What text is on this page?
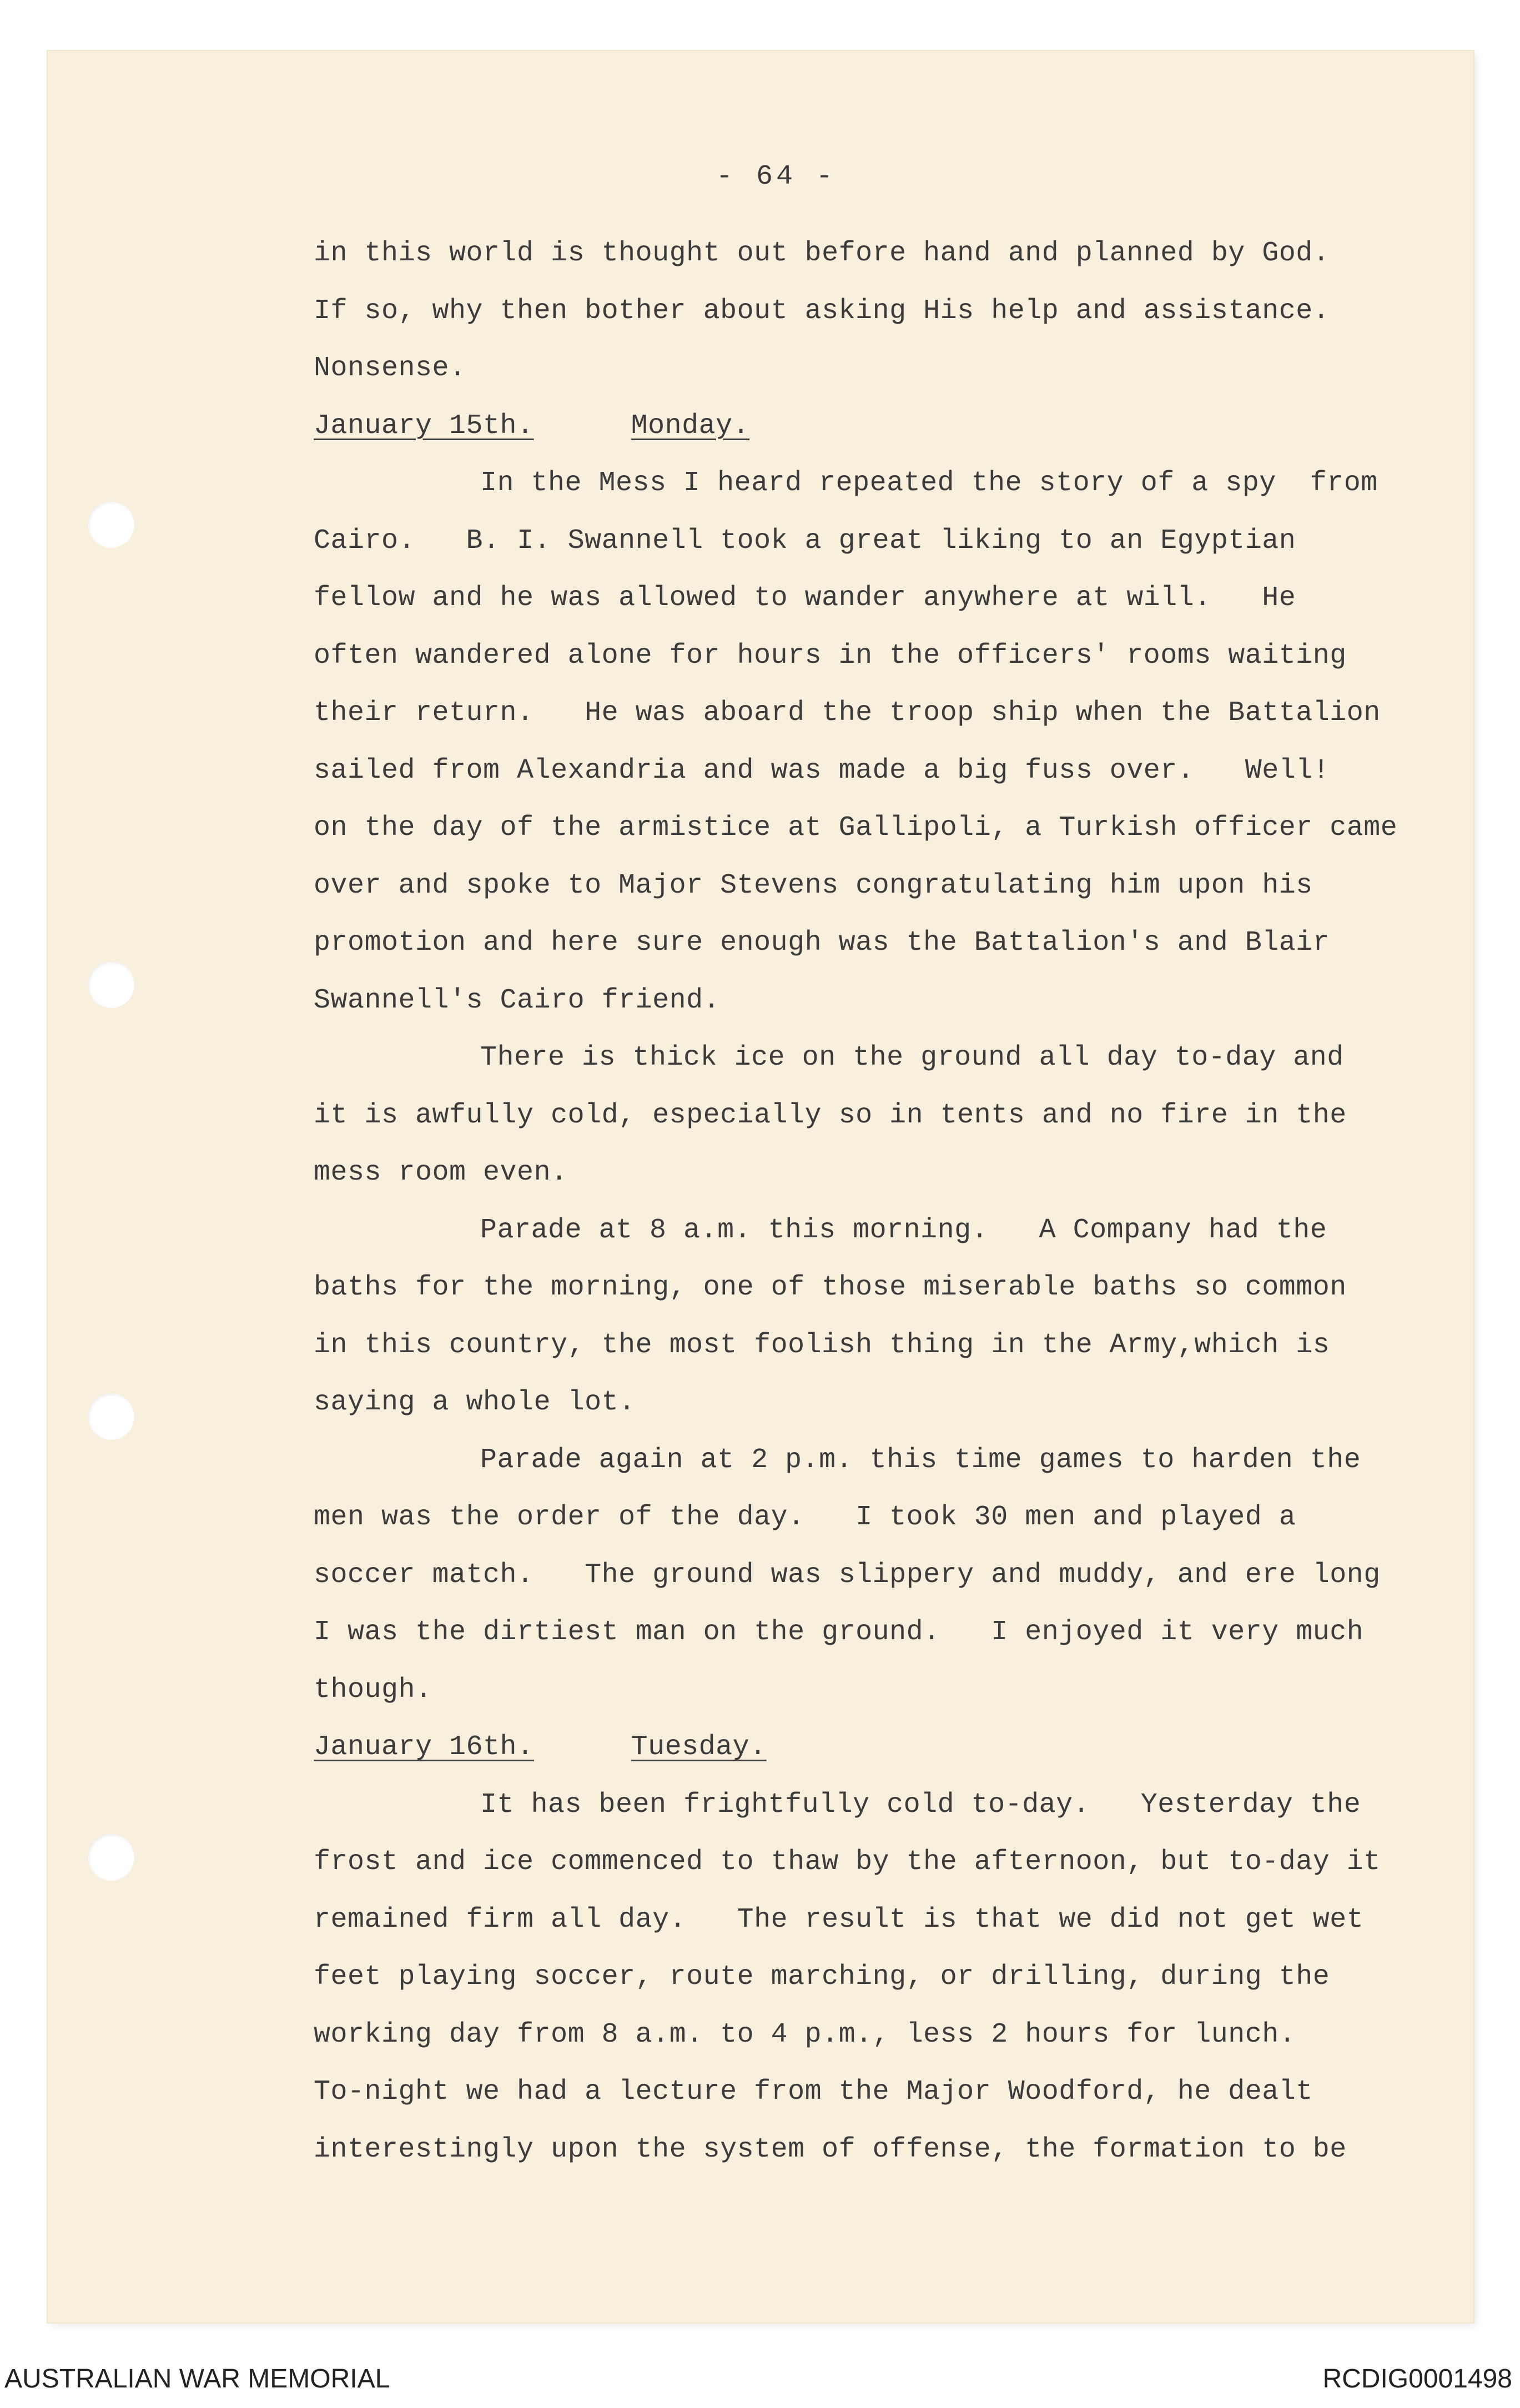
- 64 -
in this world is thought out before hand and planned by God.
If so, why then bother about asking His help and assistance.
Nonsense.
January 15th.	Monday.
In the Mess I heard repeated the story of a spy  from
Cairo.   B. I. Swannell took a great liking to an Egyptian
fellow and he was allowed to wander anywhere at will.   He
often wandered alone for hours in the officers' rooms waiting
their return.   He was aboard the troop ship when the Battalion
sailed from Alexandria and was made a big fuss over.   Well!
on the day of the armistice at Gallipoli, a Turkish officer came
over and spoke to Major Stevens congratulating him upon his
promotion and here sure enough was the Battalion's and Blair
Swannell's Cairo friend.
There is thick ice on the ground all day to-day and
it is awfully cold, especially so in tents and no fire in the
mess room even.
Parade at 8 a.m. this morning.   A Company had the
baths for the morning, one of those miserable baths so common
in this country, the most foolish thing in the Army,which is
saying a whole lot.
Parade again at 2 p.m. this time games to harden the
men was the order of the day.   I took 30 men and played a
soccer match.   The ground was slippery and muddy, and ere long
I was the dirtiest man on the ground.   I enjoyed it very much
though.
January 16th.	Tuesday.
It has been frightfully cold to-day.   Yesterday the
frost and ice commenced to thaw by the afternoon, but to-day it
remained firm all day.   The result is that we did not get wet
feet playing soccer, route marching, or drilling, during the
working day from 8 a.m. to 4 p.m., less 2 hours for lunch.
To-night we had a lecture from the Major Woodford, he dealt
interestingly upon the system of offense, the formation to be
AUSTRALIAN WAR MEMORIAL	RCDIG0001498
